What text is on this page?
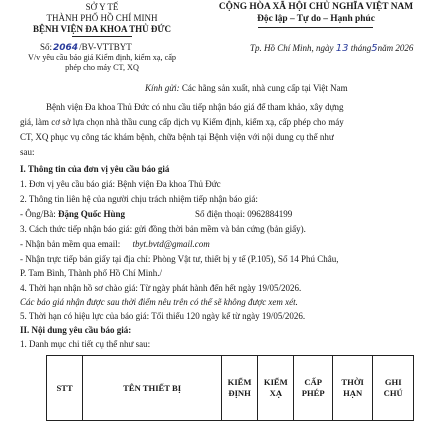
SỞ Y TẾ
THÀNH PHỐ HỒ CHÍ MINH
BỆNH VIỆN ĐA KHOA THỦ ĐỨC
Số:2064/BV-VTTBYT
V/v yêu cầu báo giá Kiểm định, kiểm xạ, cấp
phép cho máy CT, XQ
CỘNG HÒA XÃ HỘI CHỦ NGHĨA VIỆT NAM
Độc lập – Tự do – Hạnh phúc
Tp. Hồ Chí Minh, ngày 13 tháng5năm 2026
Kính gửi: Các hãng sản xuất, nhà cung cấp tại Việt Nam
Bệnh viện Đa khoa Thủ Đức có nhu cầu tiếp nhận báo giá để tham khảo, xây dựng
giá, làm cơ sở lựa chọn nhà thầu cung cấp dịch vụ Kiểm định, kiểm xạ, cấp phép cho máy
CT, XQ phục vụ công tác khám bệnh, chữa bệnh tại Bệnh viện với nội dung cụ thể như
sau:
I. Thông tin của đơn vị yêu cầu báo giá
1. Đơn vị yêu cầu báo giá: Bệnh viện Đa khoa Thủ Đức
2. Thông tin liên hệ của người chịu trách nhiệm tiếp nhận báo giá:
- Ông/Bà: Đặng Quốc Hùng	Số điện thoại: 0962884199
3. Cách thức tiếp nhận báo giá: gửi đồng thời bản mềm và bản cứng (bản giấy).
- Nhận bản mềm qua email: tbyt.bvtd@gmail.com
- Nhận trực tiếp bản giấy tại địa chỉ: Phòng Vật tư, thiết bị y tế (P.105), Số 14 Phú Châu,
P. Tam Bình, Thành phố Hồ Chí Minh./
4. Thời hạn nhận hồ sơ chào giá: Từ ngày phát hành đến hết ngày 19/05/2026.
Các báo giá nhận được sau thời điểm nêu trên có thể sẽ không được xem xét.
5. Thời hạn có hiệu lực của báo giá: Tối thiểu 120 ngày kể từ ngày 19/05/2026.
II. Nội dung yêu cầu báo giá:
1. Danh mục chi tiết cụ thể như sau:
STT	TÊN THIẾT BỊ	KIỂM ĐỊNH	KIỂM XẠ	CẤP PHÉP	THỜI HẠN	GHI CHÚ
